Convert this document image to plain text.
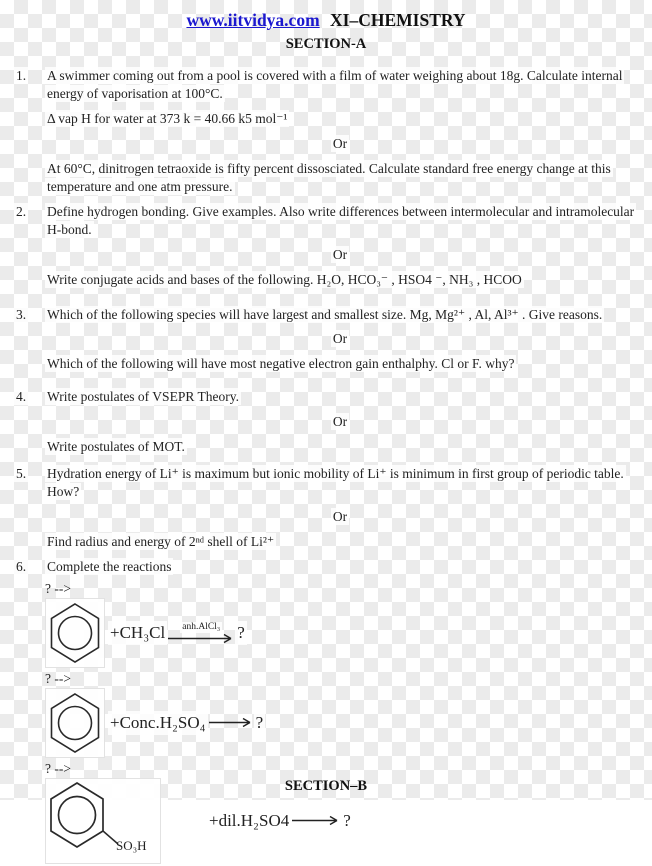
www.iitvidya.com XI–CHEMISTRY
SECTION-A
1.	A swimmer coming out from a pool is covered with a film of water weighing about 18g. Calculate internal energy of vaporisation at 100°C.

Δ vap H for water at 373 k = 40.66 k5 mol⁻¹

Or

At 60°C, dinitrogen tetraoxide is fifty percent dissosciated. Calculate standard free energy change at this temperature and one atm pressure.

2.	Define hydrogen bonding. Give examples. Also write differences between intermolecular and intramolecular H-bond.

Or

Write conjugate acids and bases of the following. H₂O, HCO₃⁻ , HSO4 ⁻, NH₃ , HCOO

3.	Which of the following species will have largest and smallest size. Mg, Mg²⁺ , Al, Al³⁺ . Give reasons.

Or

Which of the following will have most negative electron gain enthalphy. Cl or F. why?

4.	Write postulates of VSEPR Theory.

Or

Write postulates of MOT.

5.	Hydration energy of Li⁺ is maximum but ionic mobility of Li⁺ is minimum in first group of periodic table. How?

Or

Find radius and energy of 2ⁿᵈ shell of Li²⁺

6.	Complete the reactions

? -->
+CH₃Cl anh.AlCl₃ ?
? -->
+Conc.H₂SO₄ → ?
? -->
SO₃H
+dil.H₂SO4 → ?
SECTION–B
